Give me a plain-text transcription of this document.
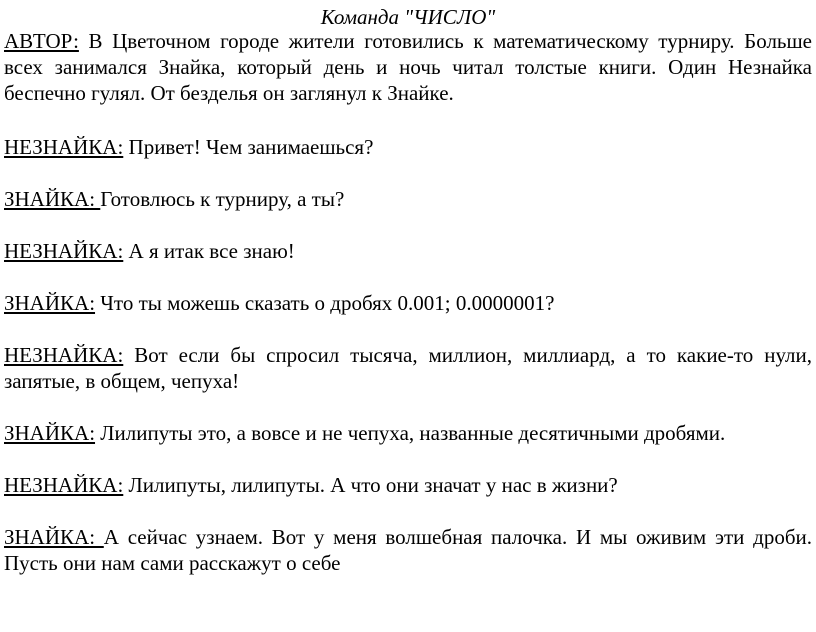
Команда "ЧИСЛО"

АВТОР: В Цветочном городе жители готовились к математическому турниру. Больше всех занимался Знайка, который день и ночь читал толстые книги. Один Незнайка беспечно гулял. От безделья он заглянул к Знайке.

НЕЗНАЙКА: Привет! Чем занимаешься?

ЗНАЙКА: Готовлюсь к турниру, а ты?

НЕЗНАЙКА: А я итак все знаю!

ЗНАЙКА: Что ты можешь сказать о дробях 0.001; 0.0000001?

НЕЗНАЙКА: Вот если бы спросил тысяча, миллион, миллиард, а то какие-то нули, запятые, в общем, чепуха!

ЗНАЙКА: Лилипуты это, а вовсе и не чепуха, названные десятичными дробями.

НЕЗНАЙКА: Лилипуты, лилипуты. А что они значат у нас в жизни?

ЗНАЙКА: А сейчас узнаем. Вот у меня волшебная палочка. И мы оживим эти дроби. Пусть они нам сами расскажут о себе
